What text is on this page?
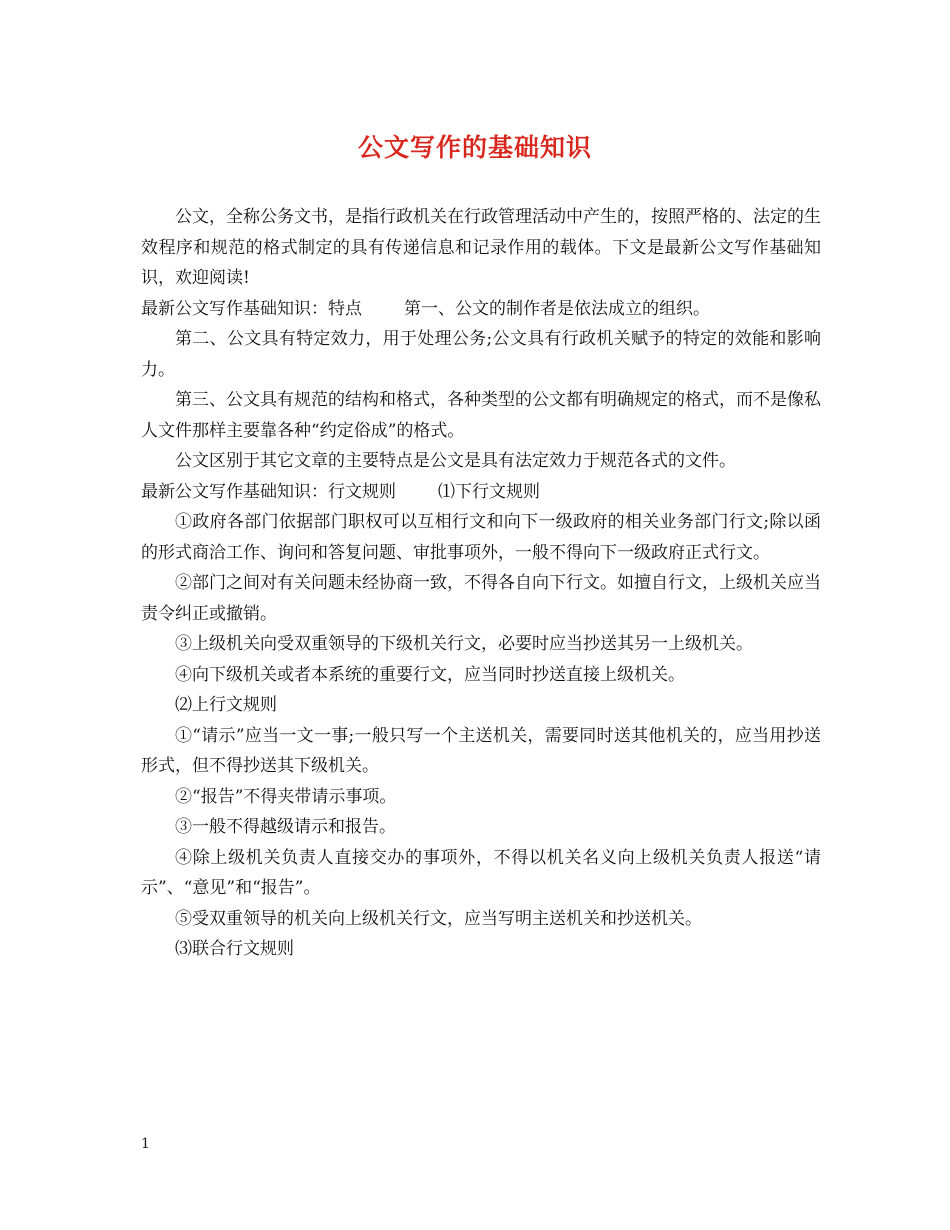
公文写作的基础知识

公文，全称公务文书，是指行政机关在行政管理活动中产生的，按照严格的、法定的生效程序和规范的格式制定的具有传递信息和记录作用的载体。下文是最新公文写作基础知识，欢迎阅读!

最新公文写作基础知识：特点 第一、公文的制作者是依法成立的组织。

第二、公文具有特定效力，用于处理公务;公文具有行政机关赋予的特定的效能和影响力。

第三、公文具有规范的结构和格式，各种类型的公文都有明确规定的格式，而不是像私人文件那样主要靠各种“约定俗成”的格式。

公文区别于其它文章的主要特点是公文是具有法定效力于规范各式的文件。

最新公文写作基础知识：行文规则 ⑴下行文规则

①政府各部门依据部门职权可以互相行文和向下一级政府的相关业务部门行文;除以函的形式商洽工作、询问和答复问题、审批事项外，一般不得向下一级政府正式行文。

②部门之间对有关问题未经协商一致，不得各自向下行文。如擅自行文，上级机关应当责令纠正或撤销。

③上级机关向受双重领导的下级机关行文，必要时应当抄送其另一上级机关。

④向下级机关或者本系统的重要行文，应当同时抄送直接上级机关。

⑵上行文规则

①“请示”应当一文一事;一般只写一个主送机关，需要同时送其他机关的，应当用抄送形式，但不得抄送其下级机关。

②“报告”不得夹带请示事项。

③一般不得越级请示和报告。

④除上级机关负责人直接交办的事项外，不得以机关名义向上级机关负责人报送“请示”、“意见”和“报告”。

⑤受双重领导的机关向上级机关行文，应当写明主送机关和抄送机关。

⑶联合行文规则

1
